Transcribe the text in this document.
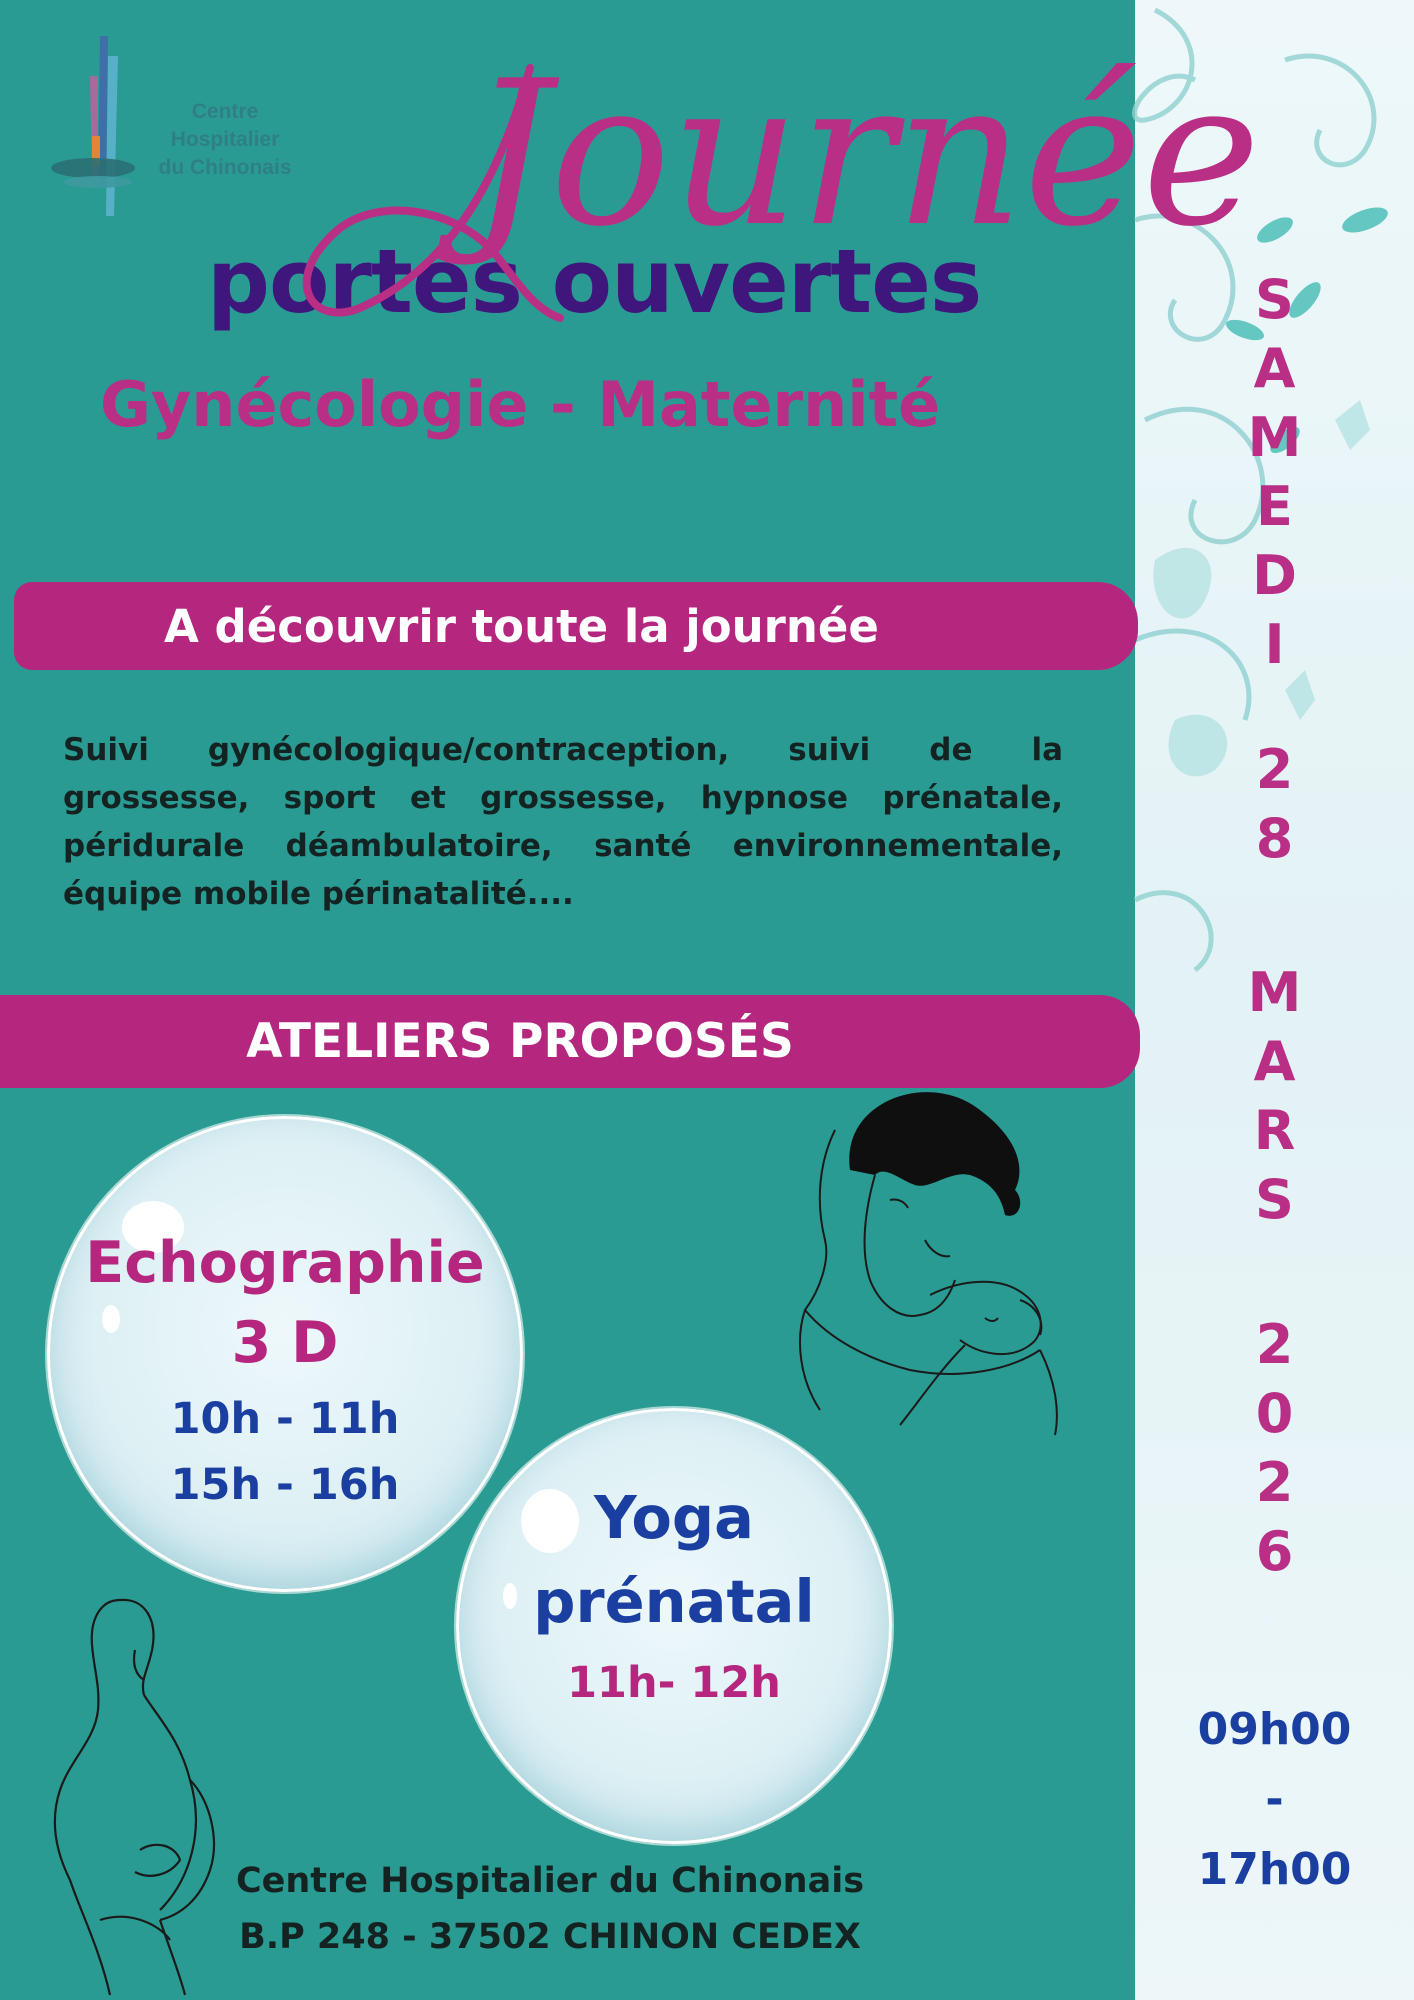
Centre
Hospitalier
du Chinonais
portes ouvertes
Journée
Gynécologie - Maternité
A découvrir toute la journée
Suivi gynécologique/contraception, suivi de la grossesse, sport et grossesse, hypnose prénatale, péridurale déambulatoire, santé environnementale, équipe mobile périnatalité....
ATELIERS PROPOSÉS
Echographie
3 D
10h - 11h
15h - 16h	Yoga
prénatal
11h- 12h
S
A
M
E
D
I
2
8
M
A
R
S
2
0
2
6
09h00
-
17h00
Centre Hospitalier du Chinonais
B.P 248 - 37502 CHINON CEDEX
